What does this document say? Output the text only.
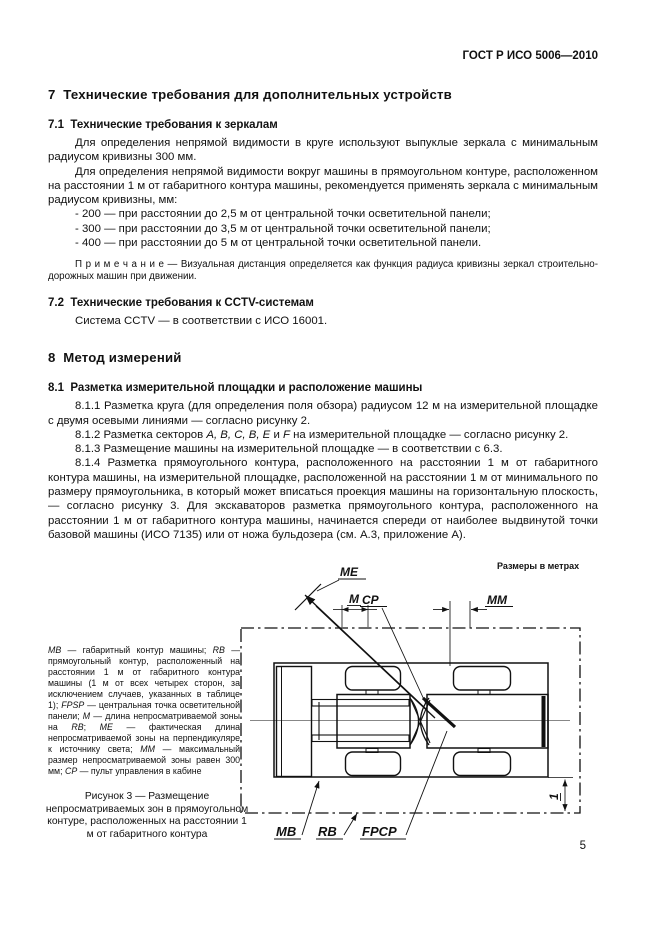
ГОСТ Р ИСО 5006—2010
7  Технические требования для дополнительных устройств
7.1  Технические требования к зеркалам

Для определения непрямой видимости в круге используют выпуклые зеркала с минимальным радиусом кривизны 300 мм.

Для определения непрямой видимости вокруг машины в прямоугольном контуре, расположенном на расстоянии 1 м от габаритного контура машины, рекомендуется применять зеркала с минимальным радиусом кривизны, мм:

- 200 — при расстоянии до 2,5 м от центральной точки осветительной панели;
- 300 — при расстоянии до 3,5 м от центральной точки осветительной панели;
- 400 — при расстоянии до 5 м от центральной точки осветительной панели.

П р и м е ч а н и е — Визуальная дистанция определяется как функция радиуса кривизны зеркал строительно-дорожных машин при движении.

7.2  Технические требования к CCTV-системам

Система CCTV — в соответствии с ИСО 16001.

8  Метод измерений
8.1  Разметка измерительной площадки и расположение машины

8.1.1 Разметка круга (для определения поля обзора) радиусом 12 м на измерительной площадке с двумя осевыми линиями — согласно рисунку 2.

8.1.2 Разметка секторов A, B, C, B, E и F на измерительной площадке — согласно рисунку 2.

8.1.3 Размещение машины на измерительной площадке — в соответствии с 6.3.

8.1.4 Разметка прямоугольного контура, расположенного на расстоянии 1 м от габаритного контура машины, на измерительной площадке, расположенной на расстоянии 1 м от минимального по размеру прямоугольника, в который может вписаться проекция машины на горизонтальную плоскость, — согласно рисунку 3. Для экскаваторов разметка прямоугольного контура, расположенного на расстоянии 1 м от габаритного контура машины, начинается спереди от наиболее выдвинутой точки базовой машины (ИСО 7135) или от ножа бульдозера (см. А.3, приложение А).

Размеры в метрах
MB — габаритный контур машины; RB — прямоугольный контур, расположенный на расстоянии 1 м от габаритного контура машины (1 м от всех четырех сторон, за исключением случаев, указанных в таблице 1); FPSP — центральная точка осветительной панели; M — длина непросматриваемой зоны на RB; ME — фактическая длина непросматриваемой зоны на перпендикуляре к источнику света; MM — максимальный размер непросматриваемой зоны равен 300 мм; CP — пульт управления в кабине
Рисунок 3 — Размещение непросматриваемых зон в прямоугольном контуре, расположенных на расстоянии 1 м от габаритного контура
M
ME
CP	MM
1
MB RB FPCP
5
